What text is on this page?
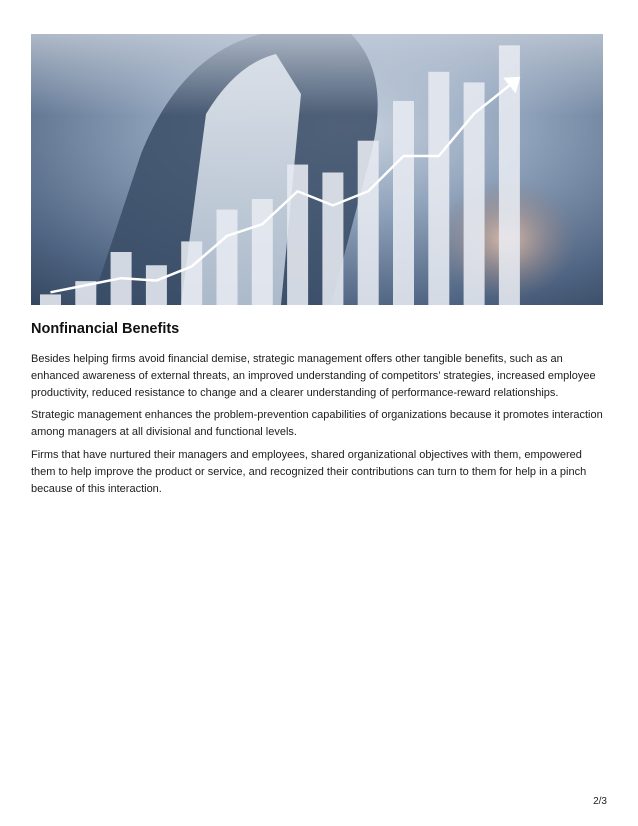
Nonfinancial Benefits

Besides helping firms avoid financial demise, strategic management offers other tangible benefits, such as an enhanced awareness of external threats, an improved understanding of competitors’ strategies, increased employee productivity, reduced resistance to change and a clearer understanding of performance-reward relationships.

Strategic management enhances the problem-prevention capabilities of organizations because it promotes interaction among managers at all divisional and functional levels.

Firms that have nurtured their managers and employees, shared organizational objectives with them, empowered them to help improve the product or service, and recognized their contributions can turn to them for help in a pinch because of this interaction.

2/3
